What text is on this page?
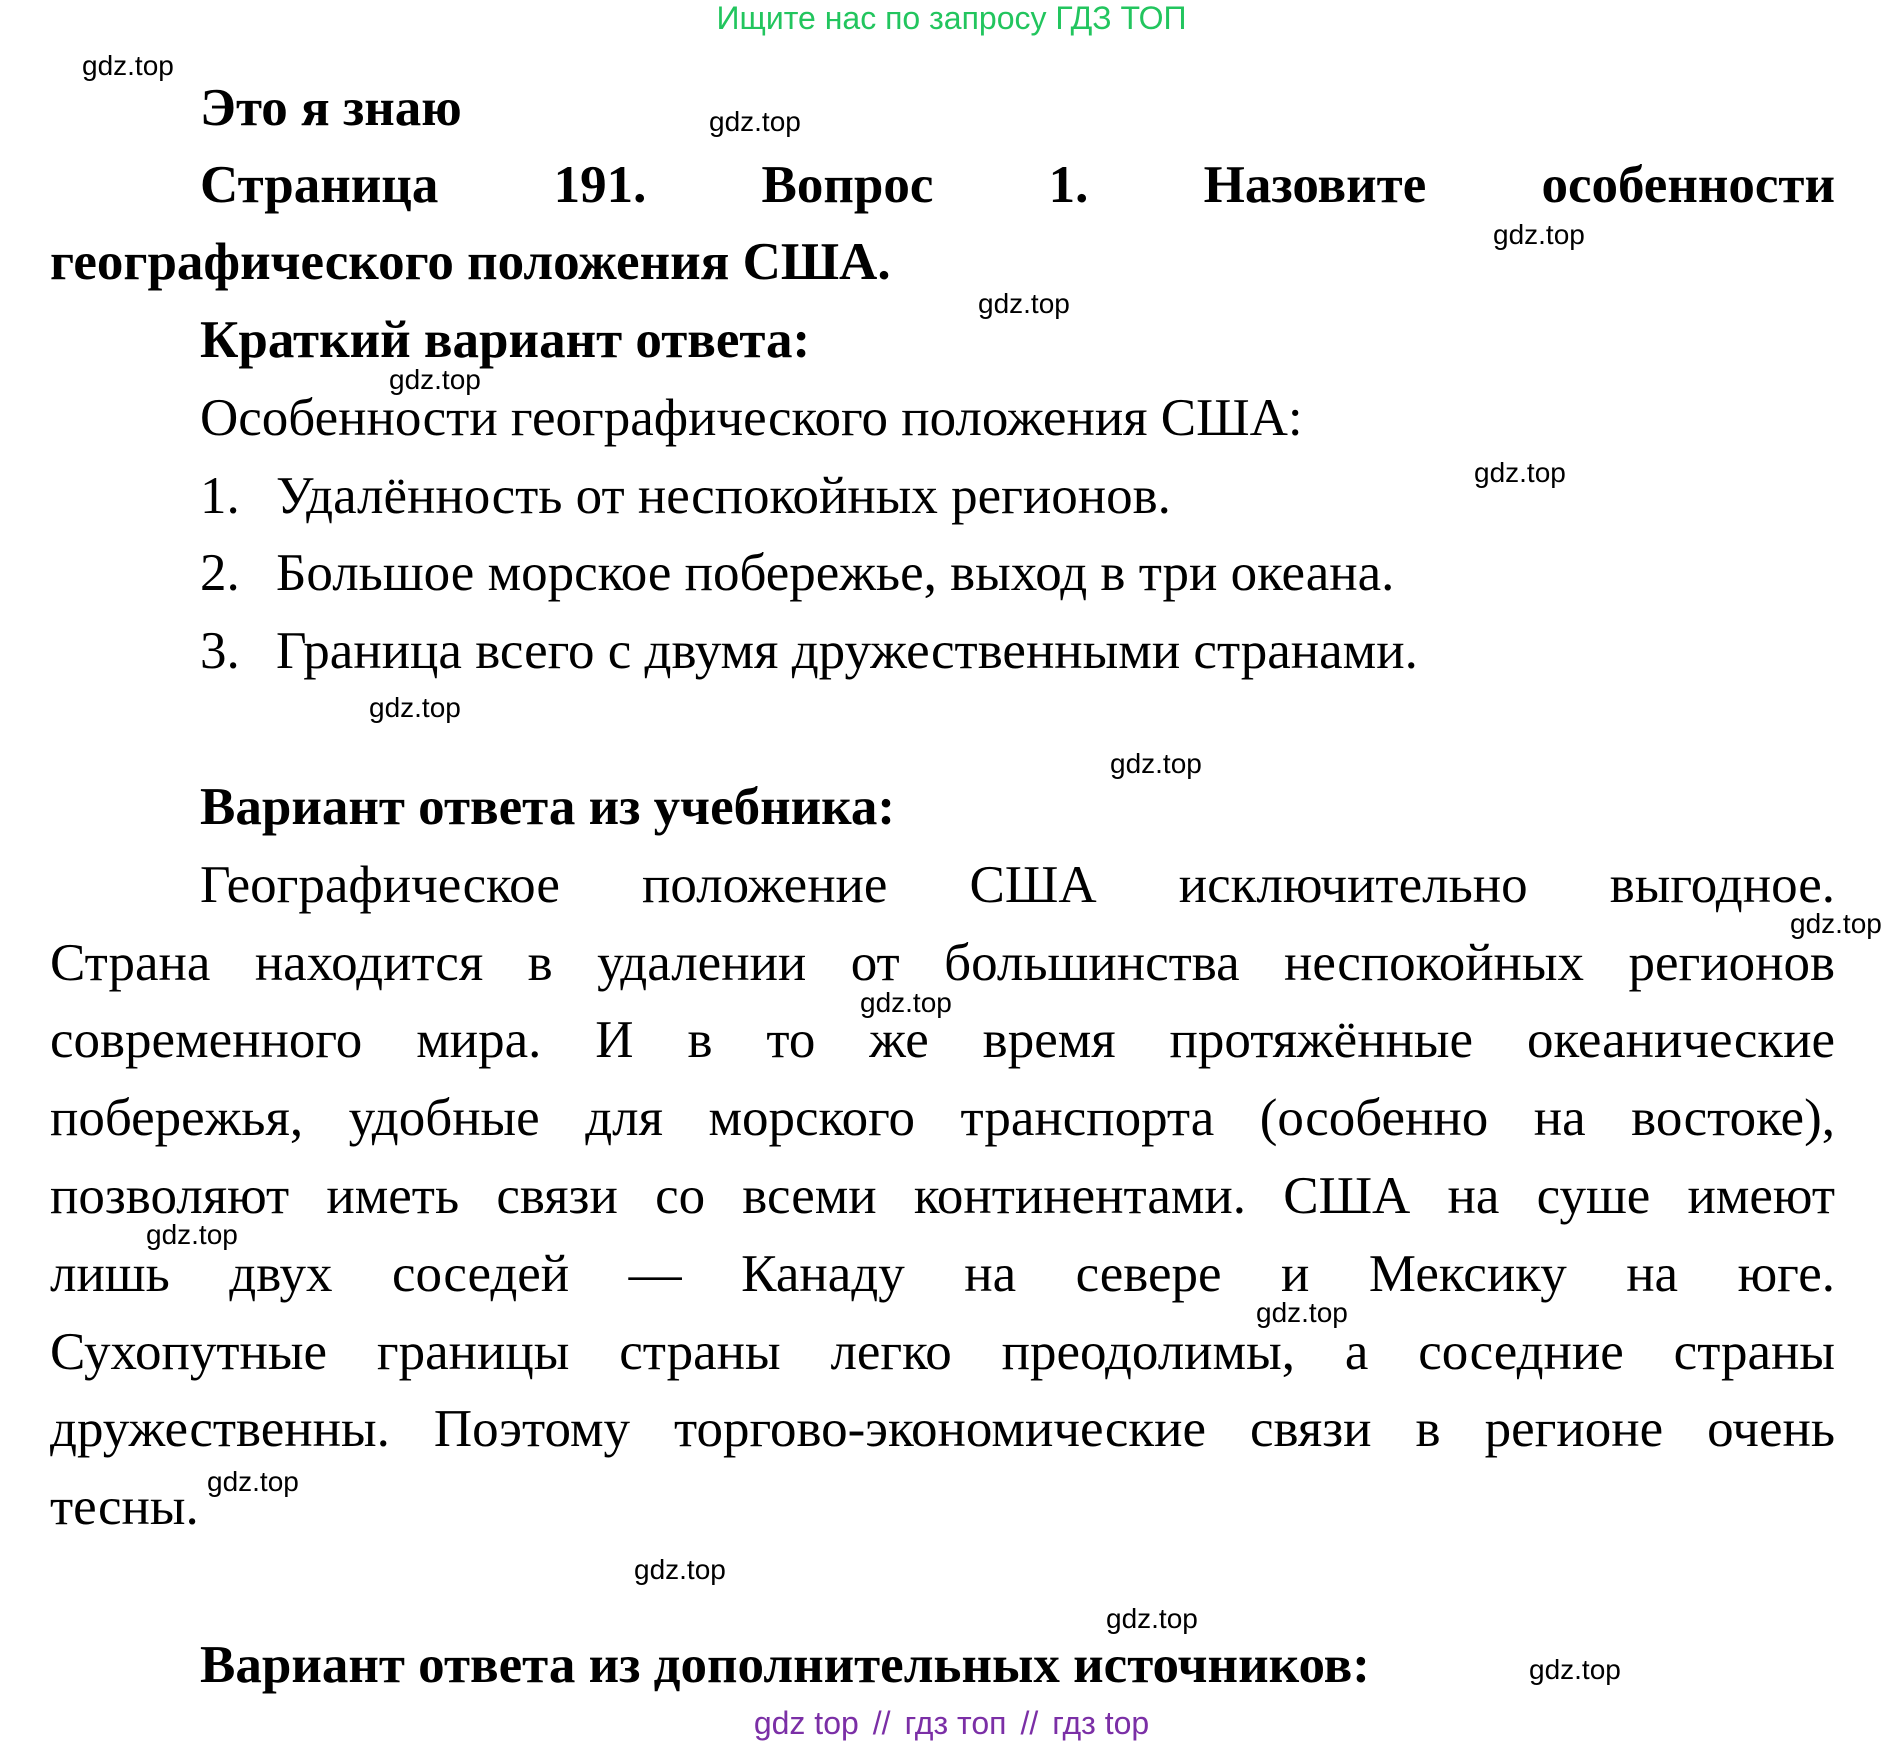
Ищите нас по запросу ГДЗ ТОП
gdz.top
gdz.top
gdz.top
gdz.top
gdz.top
gdz.top
gdz.top
gdz.top
gdz.top
gdz.top
gdz.top
gdz.top
gdz.top
gdz.top
gdz.top
gdz.top
Это я знаю
Страница 191. Вопрос 1. Назовите особенности
географического положения США.
Краткий вариант ответа:
Особенности географического положения США:
1. Удалённость от неспокойных регионов.
2. Большое морское побережье, выход в три океана.
3. Граница всего с двумя дружественными странами.
Вариант ответа из учебника:
Географическое положение США исключительно выгодное.
Страна находится в удалении от большинства неспокойных регионов
современного мира. И в то же время протяжённые океанические
побережья, удобные для морского транспорта (особенно на востоке),
позволяют иметь связи со всеми континентами. США на суше имеют
лишь двух соседей — Канаду на севере и Мексику на юге.
Сухопутные границы страны легко преодолимы, а соседние страны
дружественны. Поэтому торгово-экономические связи в регионе очень
тесны.
Вариант ответа из дополнительных источников:
gdz top // гдз топ // гдз top
